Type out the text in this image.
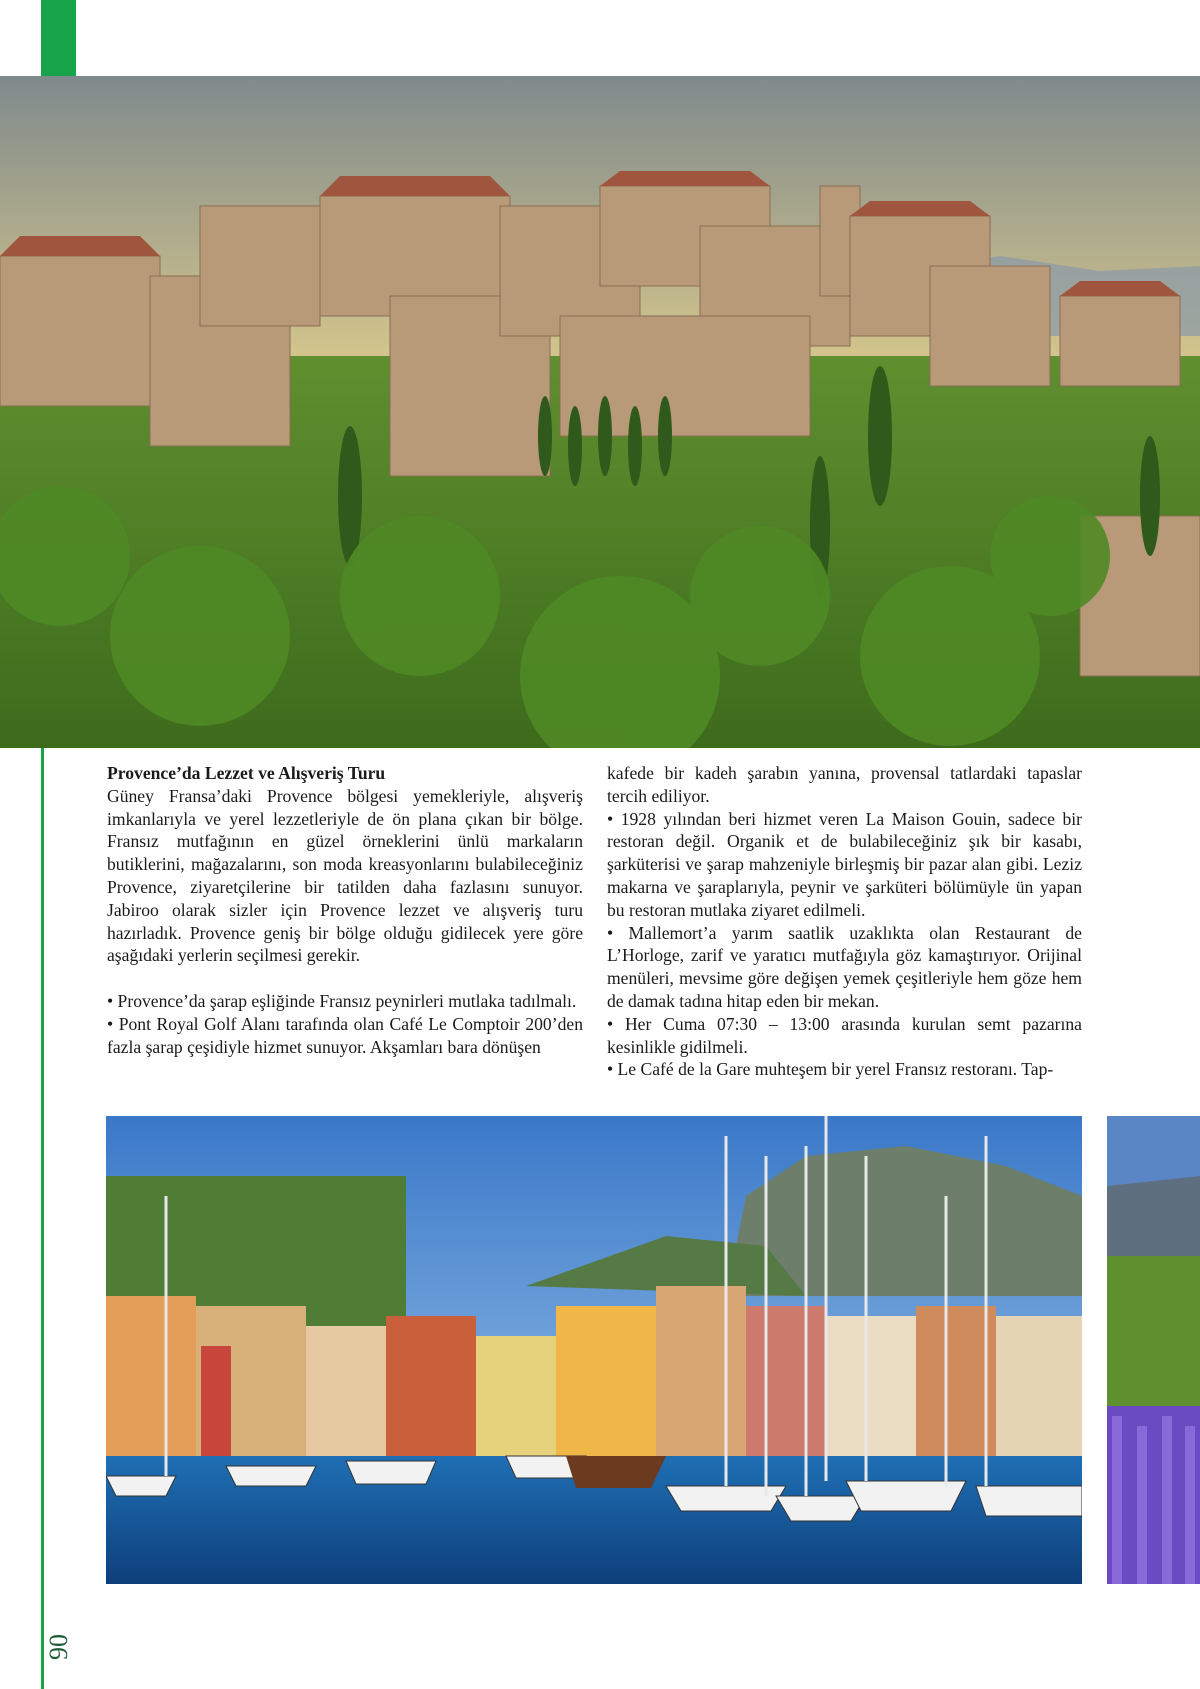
90
Provence’da Lezzet ve Alışveriş Turu

Güney Fransa’daki Provence bölgesi yemekleriyle, alışveriş imkanlarıyla ve yerel lezzetleriyle de ön plana çıkan bir bölge. Fransız mutfağının en güzel örneklerini ünlü markaların butiklerini, mağazalarını, son moda kreasyonlarını bulabileceğiniz Provence, ziyaretçilerine bir tatilden daha fazlasını sunuyor. Jabiroo olarak sizler için Provence lezzet ve alışveriş turu hazırladık. Provence geniş bir bölge olduğu gidilecek yere göre aşağıdaki yerlerin seçilmesi gerekir.

• Provence’da şarap eşliğinde Fransız peynirleri mutlaka tadılmalı.

• Pont Royal Golf Alanı tarafında olan Café Le Comptoir 200’den fazla şarap çeşidiyle hizmet sunuyor. Akşamları bara dönüşen

kafede bir kadeh şarabın yanına, provensal tatlardaki tapaslar tercih ediliyor.

• 1928 yılından beri hizmet veren La Maison Gouin, sadece bir restoran değil. Organik et de bulabileceğiniz şık bir kasabı, şarküterisi ve şarap mahzeniyle birleşmiş bir pazar alan gibi. Leziz makarna ve şaraplarıyla, peynir ve şarküteri bölümüyle ün yapan bu restoran mutlaka ziyaret edilmeli.

• Mallemort’a yarım saatlik uzaklıkta olan Restaurant de L’Horloge, zarif ve yaratıcı mutfağıyla göz kamaştırıyor. Orijinal menüleri, mevsime göre değişen yemek çeşitleriyle hem göze hem de damak tadına hitap eden bir mekan.

• Her Cuma 07:30 – 13:00 arasında kurulan semt pazarına kesinlikle gidilmeli.

• Le Café de la Gare muhteşem bir yerel Fransız restoranı. Tap-
